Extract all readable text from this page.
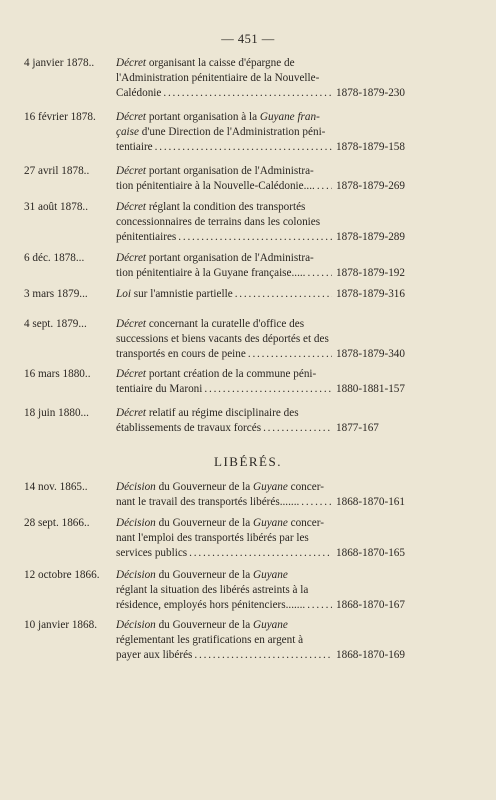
— 451 —
4 janvier 1878.. Décret organisant la caisse d'épargne de
l'Administration pénitentiaire de la Nouvelle-
Calédonie . . .	1878-1879-230
16 février 1878. Décret portant organisation à la Guyane fran-
çaise d'une Direction de l'Administration péni-
tentiaire . . .	1878-1879-158
27 avril 1878.. Décret portant organisation de l'Administra-
tion pénitentiaire à la Nouvelle-Calédonie.... . . . 1878-1879-269
31 août 1878.. Décret réglant la condition des transportés
concessionnaires de terrains dans les colonies
pénitentiaires . . .	1878-1879-289
6 déc. 1878...	Décret portant organisation de l'Administra-
tion pénitentiaire à la Guyane française..... . . .	1878-1879-192
3 mars 1879...	Loi sur l'amnistie partielle . . .	1878-1879-316
4 sept. 1879...	Décret concernant la curatelle d'office des
successions et biens vacants des déportés et des
transportés en cours de peine . . .	1878-1879-340
16 mars 1880.. Décret portant création de la commune péni-
tentiaire du Maroni . . .	1880-1881-157
18 juin 1880... Décret relatif au régime disciplinaire des
établissements de travaux forcés . . .	1877-167
LIBÉRÉS.
14 nov. 1865..	Décision du Gouverneur de la Guyane concer-
nant le travail des transportés libérés....... . . .	1868-1870-161
28 sept. 1866.. Décision du Gouverneur de la Guyane concer-
nant l'emploi des transportés libérés par les
services publics . . .	1868-1870-165
12 octobre 1866. Décision du Gouverneur de la Guyane
réglant la situation des libérés astreints à la
résidence, employés hors pénitenciers....... . . .	1868-1870-167
10 janvier 1868. Décision du Gouverneur de la Guyane
réglementant les gratifications en argent à
payer aux libérés . . .	1868-1870-169
